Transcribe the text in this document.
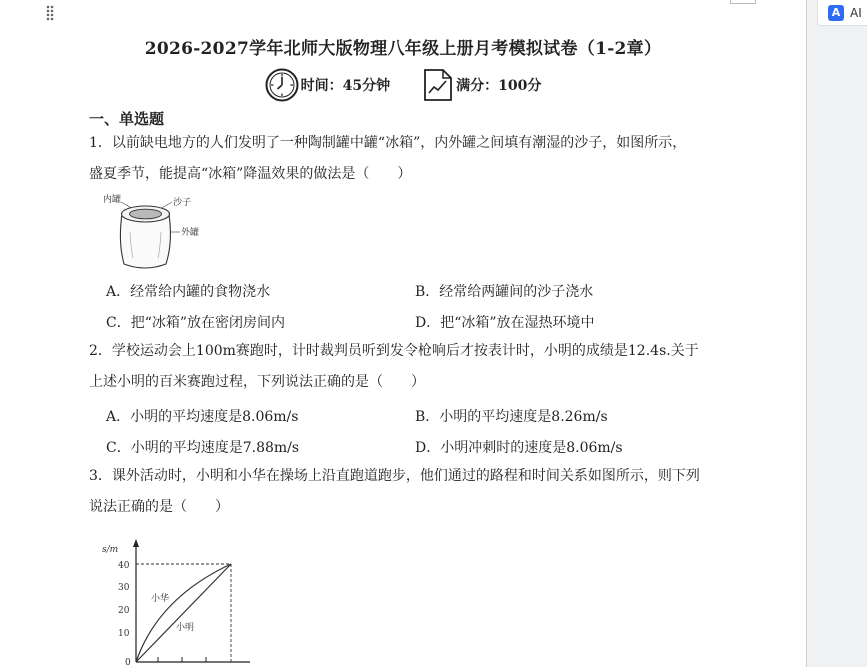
2026-2027学年北师大版物理八年级上册月考模拟试卷（1-2章）
时间：45分钟	满分：100分
一、单选题
1．以前缺电地方的人们发明了一种陶制罐中罐“冰箱”，内外罐之间填有潮湿的沙子，如图所示，
盛夏季节，能提高“冰箱”降温效果的做法是（　　）
内罐	沙子
外罐
A．经常给内罐的食物浇水	B．经常给两罐间的沙子浇水
C．把“冰箱”放在密闭房间内	D．把“冰箱”放在湿热环境中
2．学校运动会上100m赛跑时，计时裁判员听到发令枪响后才按表计时，小明的成绩是12.4s.关于
上述小明的百米赛跑过程，下列说法正确的是（　　）
A．小明的平均速度是8.06m/s	B．小明的平均速度是8.26m/s
C．小明的平均速度是7.88m/s	D．小明冲刺时的速度是8.06m/s
3．课外活动时，小明和小华在操场上沿直跑道跑步，他们通过的路程和时间关系如图所示，则下列
说法正确的是（　　）
s/m
40
30
20
10
0
小华
小明
A AI
